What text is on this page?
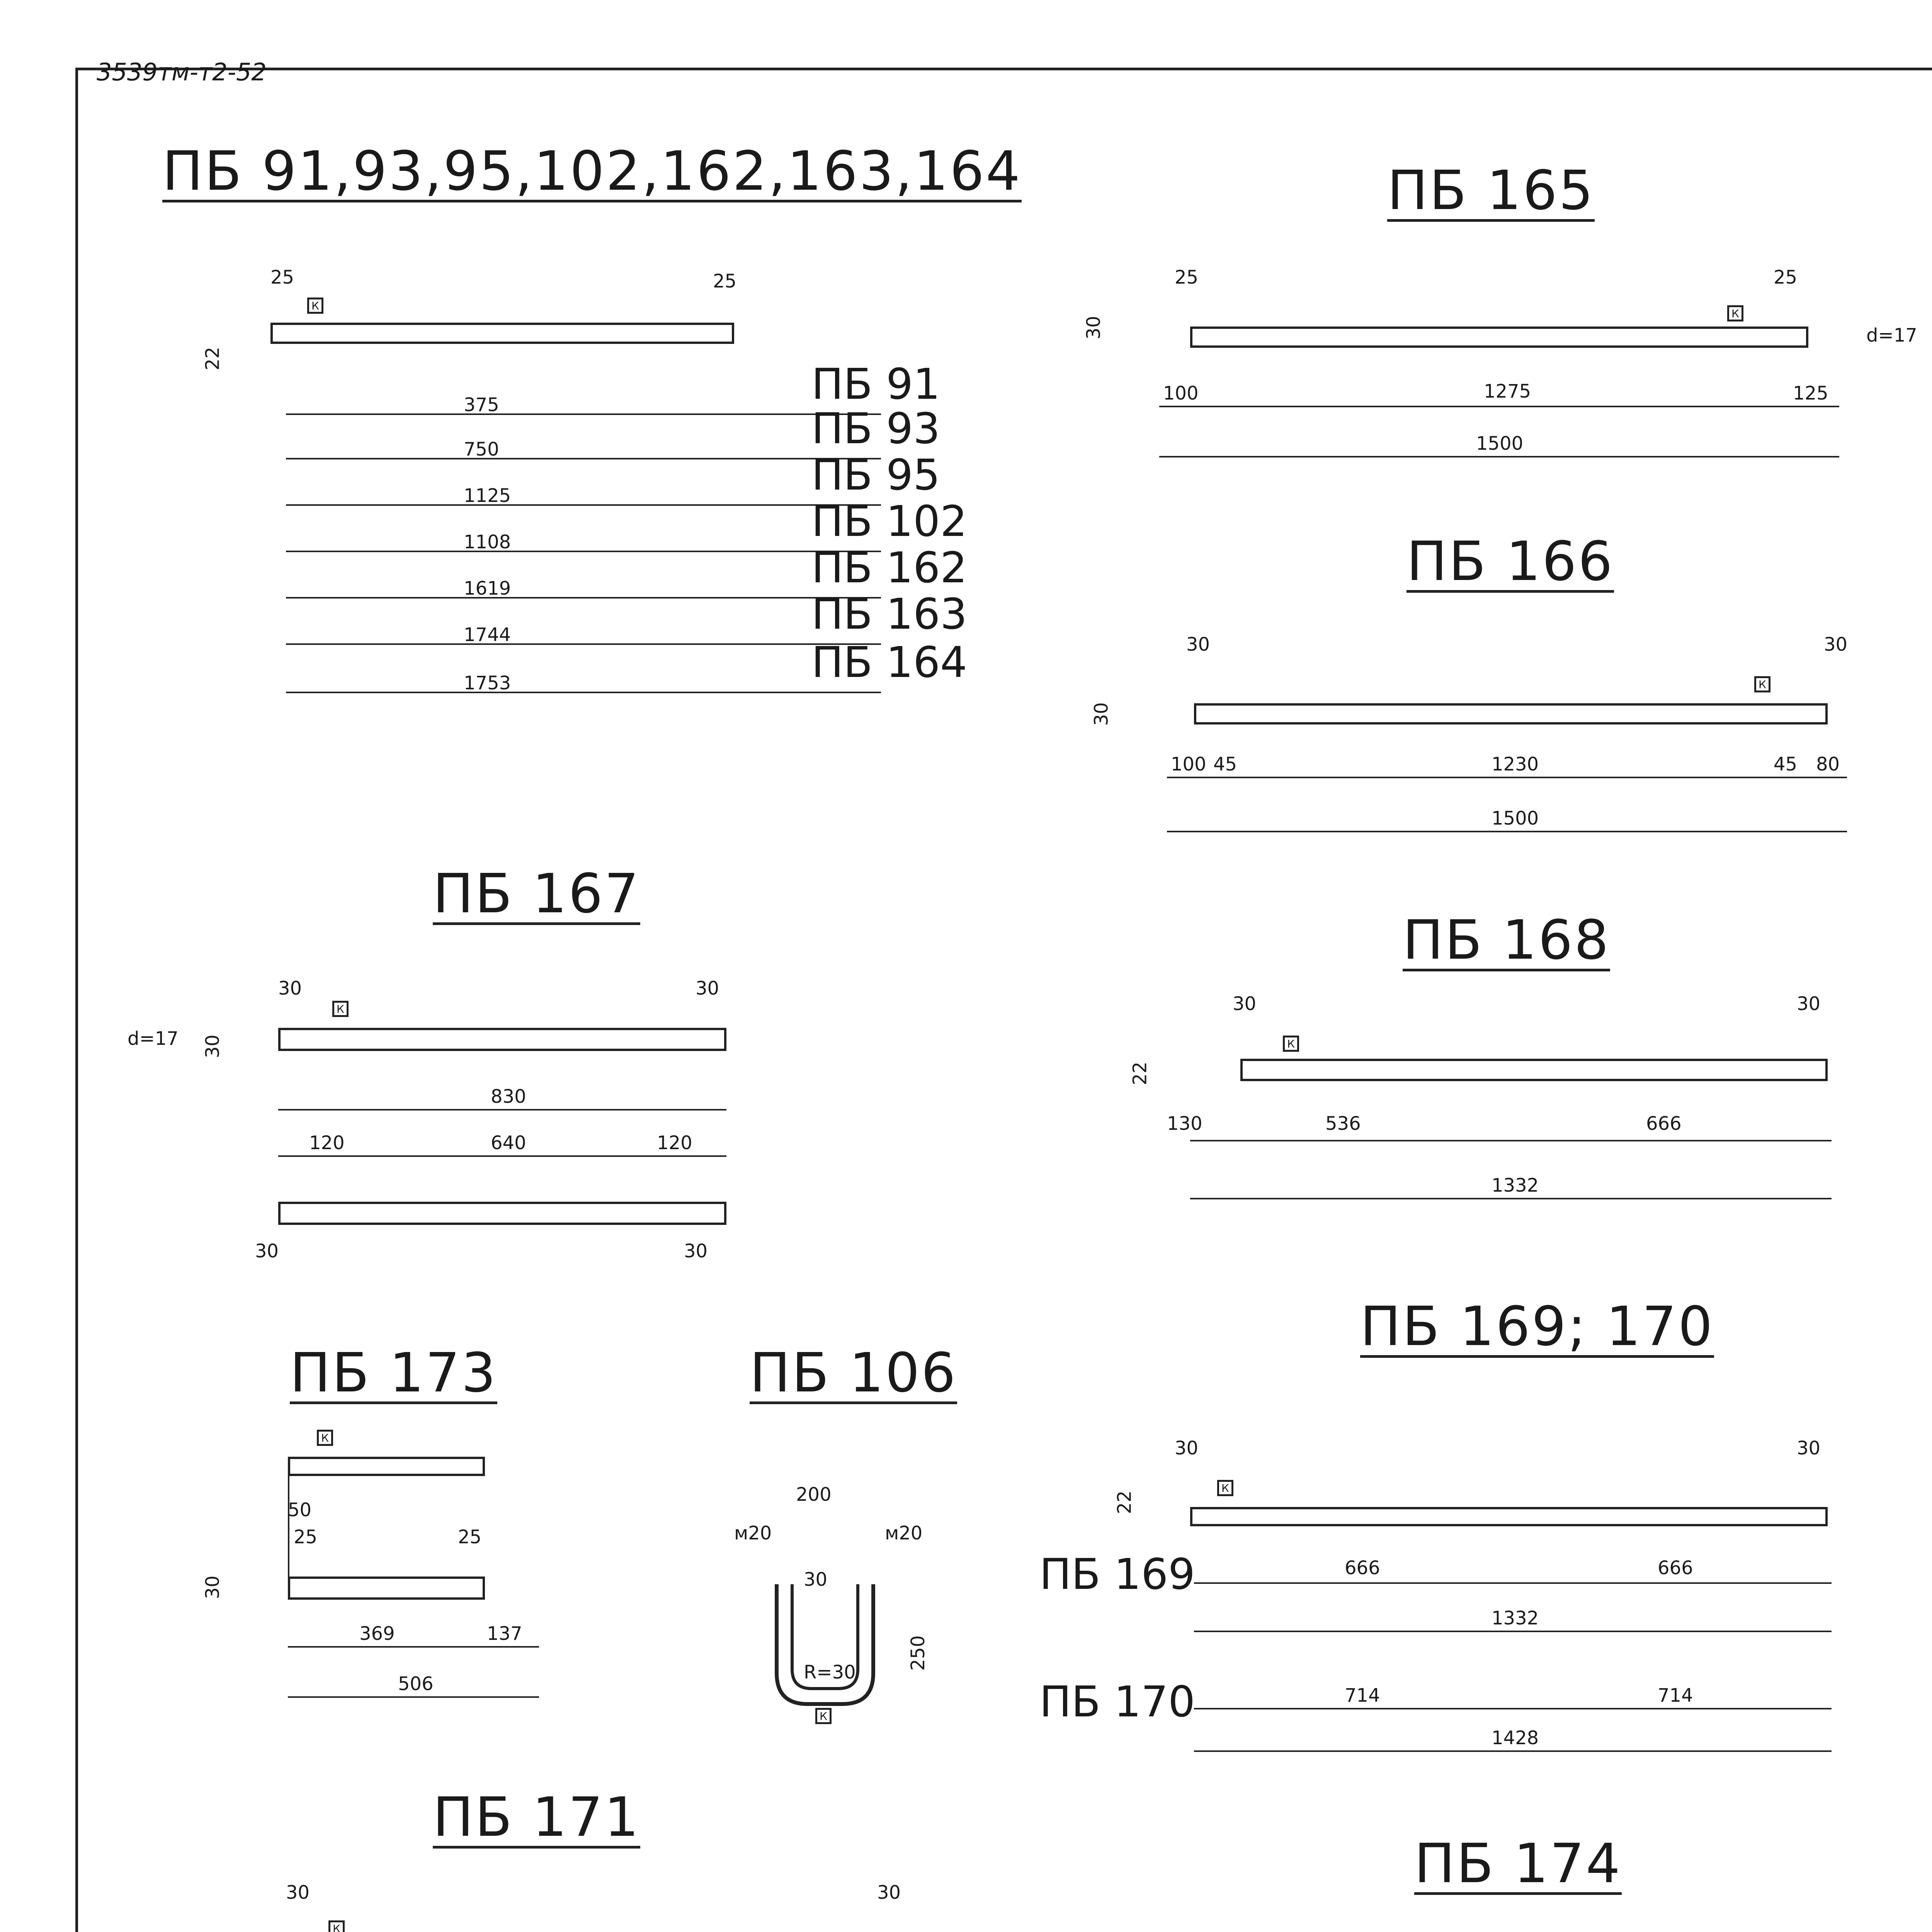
3539тм-т2-52
ПБ 91,93,95,102,162,163,164
К
25	25
22
375	ПБ 91
750	ПБ 93
1125	ПБ 95
1108	ПБ 102
1619	ПБ 162
1744	ПБ 163
1753	ПБ 164
ПБ 165
К
25	25
30	d=17
100	1275	125
1500
ПБ 166
К
30	30
30
100 45	1230	45 80
1500
ПБ 167
К
30	30
d=17 30
830
120	640	120
30	30
ПБ 168
К
30	30
22
130	536	666
1332
ПБ 169; 170
К
30	30
22
ПБ 169	666	666
1332
ПБ 170	714	714
1428
ПБ 173
К
50
25	25
30
369	137
506
ПБ 106
200
м20	м20
30
R=30
250
К
ПБ 171
К
30	30	ПБ 174
